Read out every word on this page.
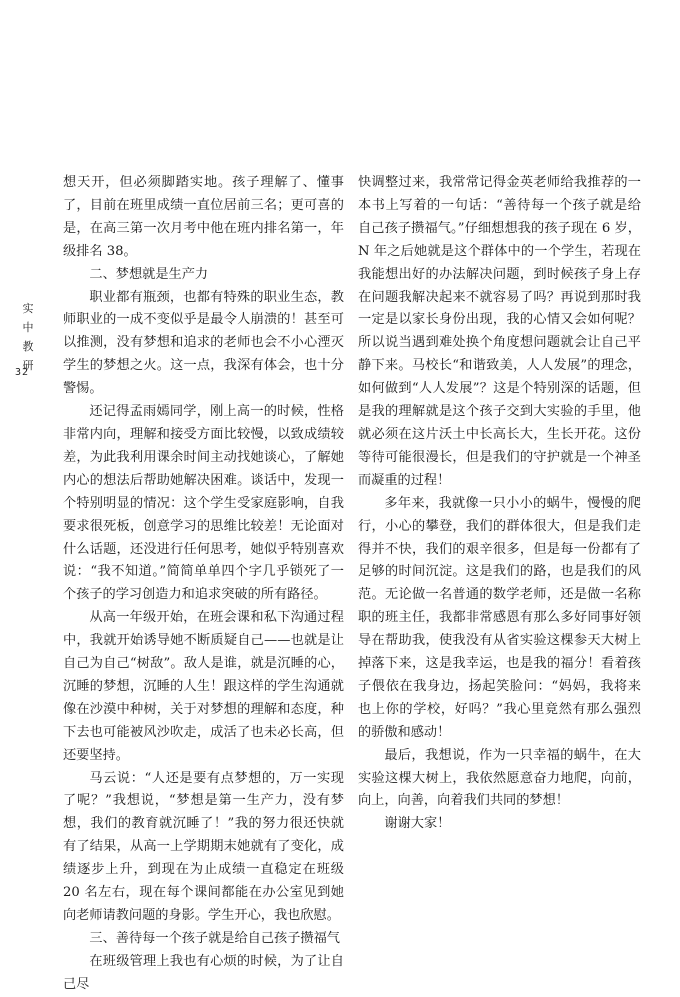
实
中
教
研
32

想天开，但必须脚踏实地。孩子理解了、懂事了，目前在班里成绩一直位居前三名；更可喜的是，在高三第一次月考中他在班内排名第一，年级排名 38。

二、梦想就是生产力

职业都有瓶颈，也都有特殊的职业生态，教师职业的一成不变似乎是最令人崩溃的！甚至可以推测，没有梦想和追求的老师也会不小心湮灭学生的梦想之火。这一点，我深有体会，也十分警惕。

还记得孟雨嫣同学，刚上高一的时候，性格非常内向，理解和接受方面比较慢，以致成绩较差，为此我利用课余时间主动找她谈心，了解她内心的想法后帮助她解决困难。谈话中，发现一个特别明显的情况：这个学生受家庭影响，自我要求很死板，创意学习的思维比较差！无论面对什么话题，还没进行任何思考，她似乎特别喜欢说：“我不知道。”简简单单四个字几乎锁死了一个孩子的学习创造力和追求突破的所有路径。

从高一年级开始，在班会课和私下沟通过程中，我就开始诱导她不断质疑自己——也就是让自己为自己“树敌”。敌人是谁，就是沉睡的心，沉睡的梦想，沉睡的人生！跟这样的学生沟通就像在沙漠中种树，关于对梦想的理解和态度，种下去也可能被风沙吹走，成活了也未必长高，但还要坚持。

马云说：“人还是要有点梦想的，万一实现了呢？”我想说，“梦想是第一生产力，没有梦想，我们的教育就沉睡了！”我的努力很还快就有了结果，从高一上学期期末她就有了变化，成绩逐步上升，到现在为止成绩一直稳定在班级 20 名左右，现在每个课间都能在办公室见到她向老师请教问题的身影。学生开心，我也欣慰。

三、善待每一个孩子就是给自己孩子攒福气

在班级管理上我也有心烦的时候，为了让自己尽

快调整过来，我常常记得金英老师给我推荐的一本书上写着的一句话：“善待每一个孩子就是给自己孩子攒福气。”仔细想想我的孩子现在 6 岁，N 年之后她就是这个群体中的一个学生，若现在我能想出好的办法解决问题，到时候孩子身上存在问题我解决起来不就容易了吗？再说到那时我一定是以家长身份出现，我的心情又会如何呢？所以说当遇到难处换个角度想问题就会让自己平静下来。马校长“和谐致美，人人发展”的理念，如何做到“人人发展”？这是个特别深的话题，但是我的理解就是这个孩子交到大实验的手里，他就必须在这片沃土中长高长大，生长开花。这份等待可能很漫长，但是我们的守护就是一个神圣而凝重的过程！

多年来，我就像一只小小的蜗牛，慢慢的爬行，小心的攀登，我们的群体很大，但是我们走得并不快，我们的艰辛很多，但是每一份都有了足够的时间沉淀。这是我们的路，也是我们的风范。无论做一名普通的数学老师，还是做一名称职的班主任，我都非常感恩有那么多好同事好领导在帮助我，使我没有从省实验这棵参天大树上掉落下来，这是我幸运，也是我的福分！看着孩子偎依在我身边，扬起笑脸问：“妈妈，我将来也上你的学校，好吗？”我心里竟然有那么强烈的骄傲和感动！

最后，我想说，作为一只幸福的蜗牛，在大实验这棵大树上，我依然愿意奋力地爬，向前，向上，向善，向着我们共同的梦想！

谢谢大家！
